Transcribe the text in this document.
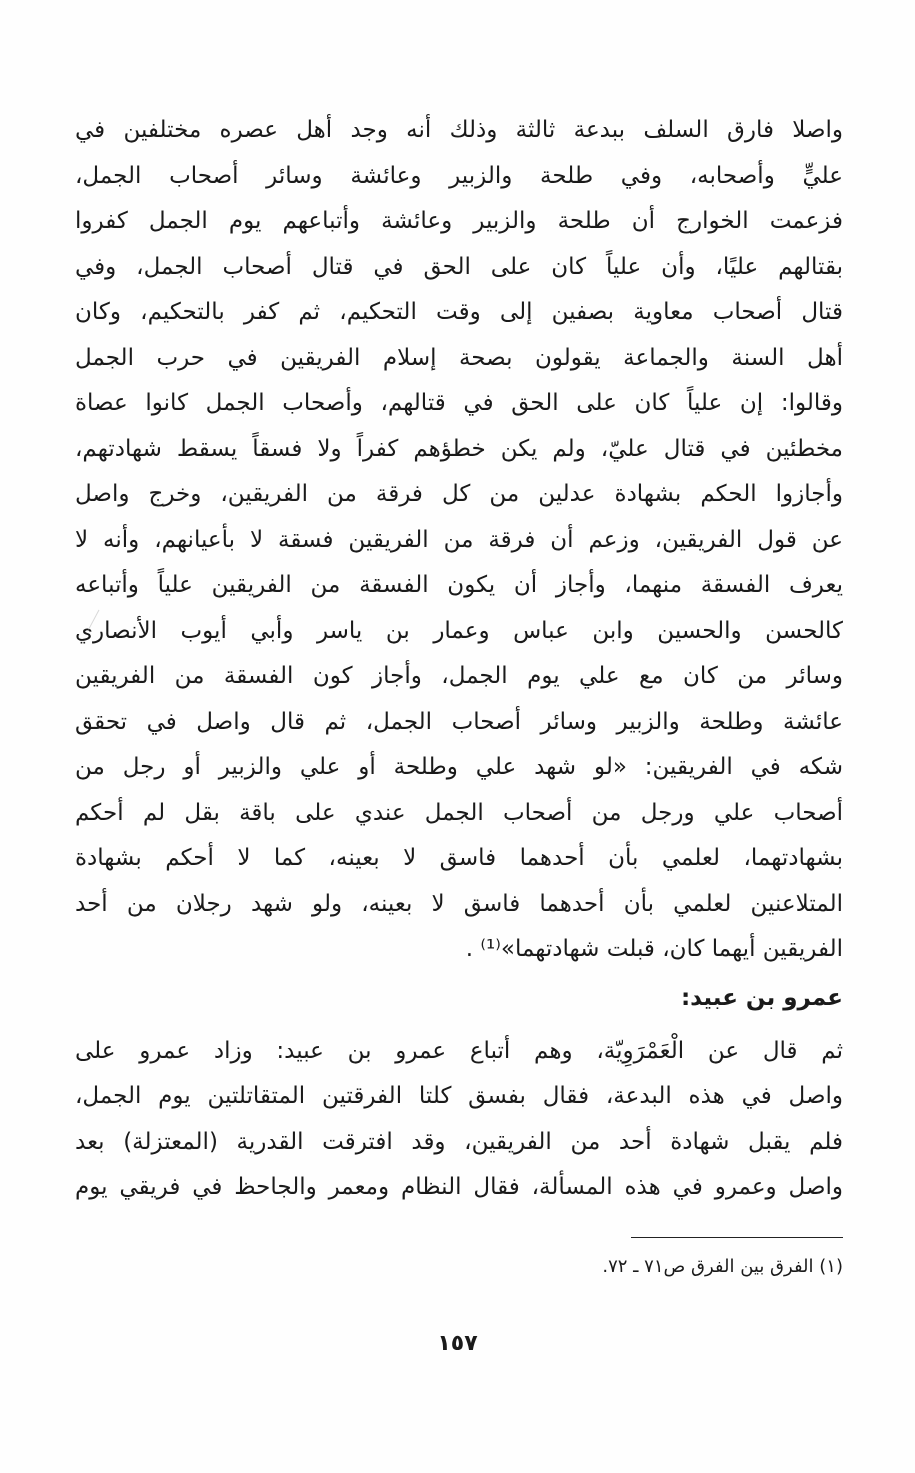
واصلا فارق السلف ببدعة ثالثة وذلك أنه وجد أهل عصره مختلفين في
عليٍّ وأصحابه، وفي طلحة والزبير وعائشة وسائر أصحاب الجمل،
فزعمت الخوارج أن طلحة والزبير وعائشة وأتباعهم يوم الجمل كفروا
بقتالهم عليًا، وأن علياً كان على الحق في قتال أصحاب الجمل، وفي
قتال أصحاب معاوية بصفين إلى وقت التحكيم، ثم كفر بالتحكيم، وكان
أهل السنة والجماعة يقولون بصحة إسلام الفريقين في حرب الجمل
وقالوا: إن علياً كان على الحق في قتالهم، وأصحاب الجمل كانوا عصاة
مخطئين في قتال عليّ، ولم يكن خطؤهم كفراً ولا فسقاً يسقط شهادتهم،
وأجازوا الحكم بشهادة عدلين من كل فرقة من الفريقين، وخرج واصل
عن قول الفريقين، وزعم أن فرقة من الفريقين فسقة لا بأعيانهم، وأنه لا
يعرف الفسقة منهما، وأجاز أن يكون الفسقة من الفريقين علياً وأتباعه
كالحسن والحسين وابن عباس وعمار بن ياسر وأبي أيوب الأنصاري
وسائر من كان مع علي يوم الجمل، وأجاز كون الفسقة من الفريقين
عائشة وطلحة والزبير وسائر أصحاب الجمل، ثم قال واصل في تحقق
شكه في الفريقين: «لو شهد علي وطلحة أو علي والزبير أو رجل من
أصحاب علي ورجل من أصحاب الجمل عندي على باقة بقل لم أحكم
بشهادتهما، لعلمي بأن أحدهما فاسق لا بعينه، كما لا أحكم بشهادة
المتلاعنين لعلمي بأن أحدهما فاسق لا بعينه، ولو شهد رجلان من أحد
الفريقين أيهما كان، قبلت شهادتهما»⁽¹⁾ .
عمرو بن عبيد:
ثم قال عن الْعَمْرَوِيّة، وهم أتباع عمرو بن عبيد: وزاد عمرو على
واصل في هذه البدعة، فقال بفسق كلتا الفرقتين المتقاتلتين يوم الجمل،
فلم يقبل شهادة أحد من الفريقين، وقد افترقت القدرية (المعتزلة) بعد
واصل وعمرو في هذه المسألة، فقال النظام ومعمر والجاحظ في فريقي يوم
(١) الفرق بين الفرق ص٧١ ـ ٧٢.
١٥٧
